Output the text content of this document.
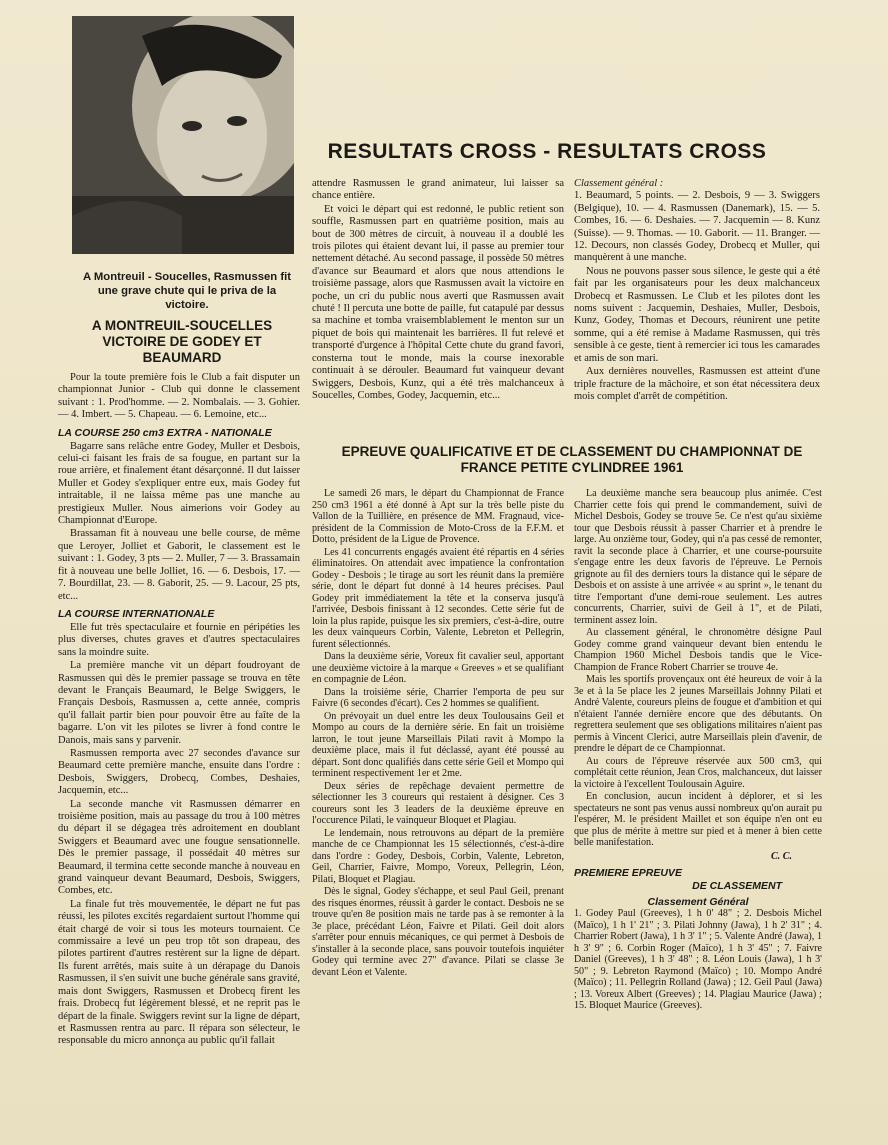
A Montreuil - Soucelles, Rasmussen fit une grave chute qui le priva de la victoire.
RESULTATS CROSS - RESULTATS CROSS
A MONTREUIL-SOUCELLES VICTOIRE DE GODEY ET BEAUMARD

Pour la toute première fois le Club a fait disputer un championnat Junior - Club qui donne le classement suivant : 1. Prod'homme. — 2. Nombalais. — 3. Gohier. — 4. Imbert. — 5. Chapeau. — 6. Lemoine, etc...

LA COURSE 250 cm3 EXTRA - NATIONALE

Bagarre sans relâche entre Godey, Muller et Desbois, celui-ci faisant les frais de sa fougue, en partant sur la roue arrière, et finalement étant désarçonné. Il dut laisser Muller et Godey s'expliquer entre eux, mais Godey fut intraitable, il ne laissa même pas une manche au prestigieux Muller. Nous aimerions voir Godey au Championnat d'Europe.

Brassaman fit à nouveau une belle course, de même que Leroyer, Jolliet et Gaborit, le classement est le suivant : 1. Godey, 3 pts — 2. Muller, 7 — 3. Brassamain fit à nouveau une belle Jolliet, 16. — 6. Desbois, 17. — 7. Bourdillat, 23. — 8. Gaborit, 25. — 9. Lacour, 25 pts, etc...

LA COURSE INTERNATIONALE

Elle fut très spectaculaire et fournie en péripéties les plus diverses, chutes graves et d'autres spectaculaires sans la moindre suite.

La première manche vit un départ foudroyant de Rasmussen qui dès le premier passage se trouva en tête devant le Français Beaumard, le Belge Swiggers, le Français Desbois, Rasmussen a, cette année, compris qu'il fallait partir bien pour pouvoir être au faîte de la bagarre. L'on vit les pilotes se livrer à fond contre le Danois, mais sans y parvenir.

Rasmussen remporta avec 27 secondes d'avance sur Beaumard cette première manche, ensuite dans l'ordre : Desbois, Swiggers, Drobecq, Combes, Deshaies, Jacquemin, etc...

La seconde manche vit Rasmussen démarrer en troisième position, mais au passage du trou à 100 mètres du départ il se dégagea très adroitement en doublant Swiggers et Beaumard avec une fougue sensationnelle. Dès le premier passage, il possédait 40 mètres sur Beaumard, il termina cette seconde manche à nouveau en grand vainqueur devant Beaumard, Desbois, Swiggers, Combes, etc.

La finale fut très mouvementée, le départ ne fut pas réussi, les pilotes excités regardaient surtout l'homme qui était chargé de voir si tous les moteurs tournaient. Ce commissaire a levé un peu trop tôt son drapeau, des pilotes partirent d'autres restèrent sur la ligne de départ. Ils furent arrêtés, mais suite à un dérapage du Danois Rasmussen, il s'en suivit une buche générale sans gravité, mais dont Swiggers, Rasmussen et Drobecq firent les frais. Drobecq fut légèrement blessé, et ne reprit pas le départ de la finale. Swiggers revint sur la ligne de départ, et Rasmussen rentra au parc. Il répara son sélecteur, le responsable du micro annonça au public qu'il fallait

attendre Rasmussen le grand animateur, lui laisser sa chance entière.

Et voici le départ qui est redonné, le public retient son souffle, Rasmussen part en quatrième position, mais au bout de 300 mètres de circuit, à nouveau il a doublé les trois pilotes qui étaient devant lui, il passe au premier tour nettement détaché. Au second passage, il possède 50 mètres d'avance sur Beaumard et alors que nous attendions le troisième passage, alors que Rasmussen avait la victoire en poche, un cri du public nous averti que Rasmussen avait chuté ! Il percuta une botte de paille, fut catapulé par dessus sa machine et tomba vraisemblablement le menton sur un piquet de bois qui maintenait les barrières. Il fut relevé et transporté d'urgence à l'hôpital Cette chute du grand favori, consterna tout le monde, mais la course inexorable continuait à se dérouler. Beaumard fut vainqueur devant Swiggers, Desbois, Kunz, qui a été très malchanceux à Soucelles, Combes, Godey, Jacquemin, etc...

Classement général :

1. Beaumard, 5 points. — 2. Desbois, 9 — 3. Swiggers (Belgique), 10. — 4. Rasmussen (Danemark), 15. — 5. Combes, 16. — 6. Deshaies. — 7. Jacquemin — 8. Kunz (Suisse). — 9. Thomas. — 10. Gaborit. — 11. Branger. — 12. Decours, non classés Godey, Drobecq et Muller, qui manquèrent à une manche.

Nous ne pouvons passer sous silence, le geste qui a été fait par les organisateurs pour les deux malchanceux Drobecq et Rasmussen. Le Club et les pilotes dont les noms suivent : Jacquemin, Deshaies, Muller, Desbois, Kunz, Godey, Thomas et Decours, réunirent une petite somme, qui a été remise à Madame Rasmussen, qui très sensible à ce geste, tient à remercier ici tous les camarades et amis de son mari.

Aux dernières nouvelles, Rasmussen est atteint d'une triple fracture de la mâchoire, et son état nécessitera deux mois complet d'arrêt de compétition.

EPREUVE QUALIFICATIVE ET DE CLASSEMENT DU CHAMPIONNAT DE FRANCE PETITE CYLINDREE 1961

Le samedi 26 mars, le départ du Championnat de France 250 cm3 1961 a été donné à Apt sur la très belle piste du Vallon de la Tuillière, en présence de MM. Fragnaud, vice-président de la Commission de Moto-Cross de la F.F.M. et Dotto, président de la Ligue de Provence.

Les 41 concurrents engagés avaient été répartis en 4 séries éliminatoires. On attendait avec impatience la confrontation Godey - Desbois ; le tirage au sort les réunit dans la première série, dont le départ fut donné à 14 heures précises. Paul Godey prit immédiatement la tête et la conserva jusqu'à l'arrivée, Desbois finissant à 12 secondes. Cette série fut de loin la plus rapide, puisque les six premiers, c'est-à-dire, outre les deux vainqueurs Corbin, Valente, Lebreton et Pellegrin, furent sélectionnés.

Dans la deuxième série, Voreux fit cavalier seul, apportant une deuxième victoire à la marque « Greeves » et se qualifiant en compagnie de Léon.

Dans la troisième série, Charrier l'emporta de peu sur Faivre (6 secondes d'écart). Ces 2 hommes se qualifient.

On prévoyait un duel entre les deux Toulousains Geil et Mompo au cours de la dernière série. En fait un troisième larron, le tout jeune Marseillais Pilati ravit à Mompo la deuxième place, mais il fut déclassé, ayant été poussé au départ. Sont donc qualifiés dans cette série Geil et Mompo qui terminent respectivement 1er et 2me.

Deux séries de repêchage devaient permettre de sélectionner les 3 coureurs qui restaient à désigner. Ces 3 coureurs sont les 3 leaders de la deuxième épreuve en l'occurence Pilati, le vainqueur Bloquet et Plagiau.

Le lendemain, nous retrouvons au départ de la première manche de ce Championnat les 15 sélectionnés, c'est-à-dire dans l'ordre : Godey, Desbois, Corbin, Valente, Lebreton, Geil, Charrier, Faivre, Mompo, Voreux, Pellegrin, Léon, Pilati, Bloquet et Plagiau.

Dès le signal, Godey s'échappe, et seul Paul Geil, prenant des risques énormes, réussit à garder le contact. Desbois ne se trouve qu'en 8e position mais ne tarde pas à se remonter à la 3e place, précédant Léon, Faivre et Pilati. Geil doit alors s'arrêter pour ennuis mécaniques, ce qui permet à Desbois de s'installer à la seconde place, sans pouvoir toutefois inquiéter Godey qui termine avec 27" d'avance. Pilati se classe 3e devant Léon et Valente.

La deuxième manche sera beaucoup plus animée. C'est Charrier cette fois qui prend le commandement, suivi de Michel Desbois, Godey se trouve 5e. Ce n'est qu'au sixième tour que Desbois réussit à passer Charrier et à prendre le large. Au onzième tour, Godey, qui n'a pas cessé de remonter, ravit la seconde place à Charrier, et une course-poursuite s'engage entre les deux favoris de l'épreuve. Le Pernois grignote au fil des derniers tours la distance qui le sépare de Desbois et on assiste à une arrivée « au sprint », le tenant du titre l'emportant d'une demi-roue seulement. Les autres concurrents, Charrier, suivi de Geil à 1", et de Pilati, terminent assez loin.

Au classement général, le chronomètre désigne Paul Godey comme grand vainqueur devant bien entendu le Champion 1960 Michel Desbois tandis que le Vice-Champion de France Robert Charrier se trouve 4e.

Mais les sportifs provençaux ont été heureux de voir à la 3e et à la 5e place les 2 jeunes Marseillais Johnny Pilati et André Valente, coureurs pleins de fougue et d'ambition et qui n'étaient l'année dernière encore que des débutants. On regrettera seulement que ses obligations militaires n'aient pas permis à Vincent Clerici, autre Marseillais plein d'avenir, de prendre le départ de ce Championnat.

Au cours de l'épreuve réservée aux 500 cm3, qui complétait cette réunion, Jean Cros, malchanceux, dut laisser la victoire à l'excellent Toulousain Aguire.

En conclusion, aucun incident à déplorer, et si les spectateurs ne sont pas venus aussi nombreux qu'on aurait pu l'espérer, M. le président Maillet et son équipe n'en ont eu que plus de mérite à mettre sur pied et à mener à bien cette belle manifestation.

C. C.
PREMIERE EPREUVE
DE CLASSEMENT
Classement Général

1. Godey Paul (Greeves), 1 h 0' 48" ; 2. Desbois Michel (Maïco), 1 h 1' 21" ; 3. Pilati Johnny (Jawa), 1 h 2' 31" ; 4. Charrier Robert (Jawa), 1 h 3' 1" ; 5. Valente André (Jawa), 1 h 3' 9" ; 6. Corbin Roger (Maïco), 1 h 3' 45" ; 7. Faivre Daniel (Greeves), 1 h 3' 48" ; 8. Léon Louis (Jawa), 1 h 3' 50" ; 9. Lebreton Raymond (Maïco) ; 10. Mompo André (Maïco) ; 11. Pellegrin Rolland (Jawa) ; 12. Geil Paul (Jawa) ; 13. Voreux Albert (Greeves) ; 14. Plagiau Maurice (Jawa) ; 15. Bloquet Maurice (Greeves).
